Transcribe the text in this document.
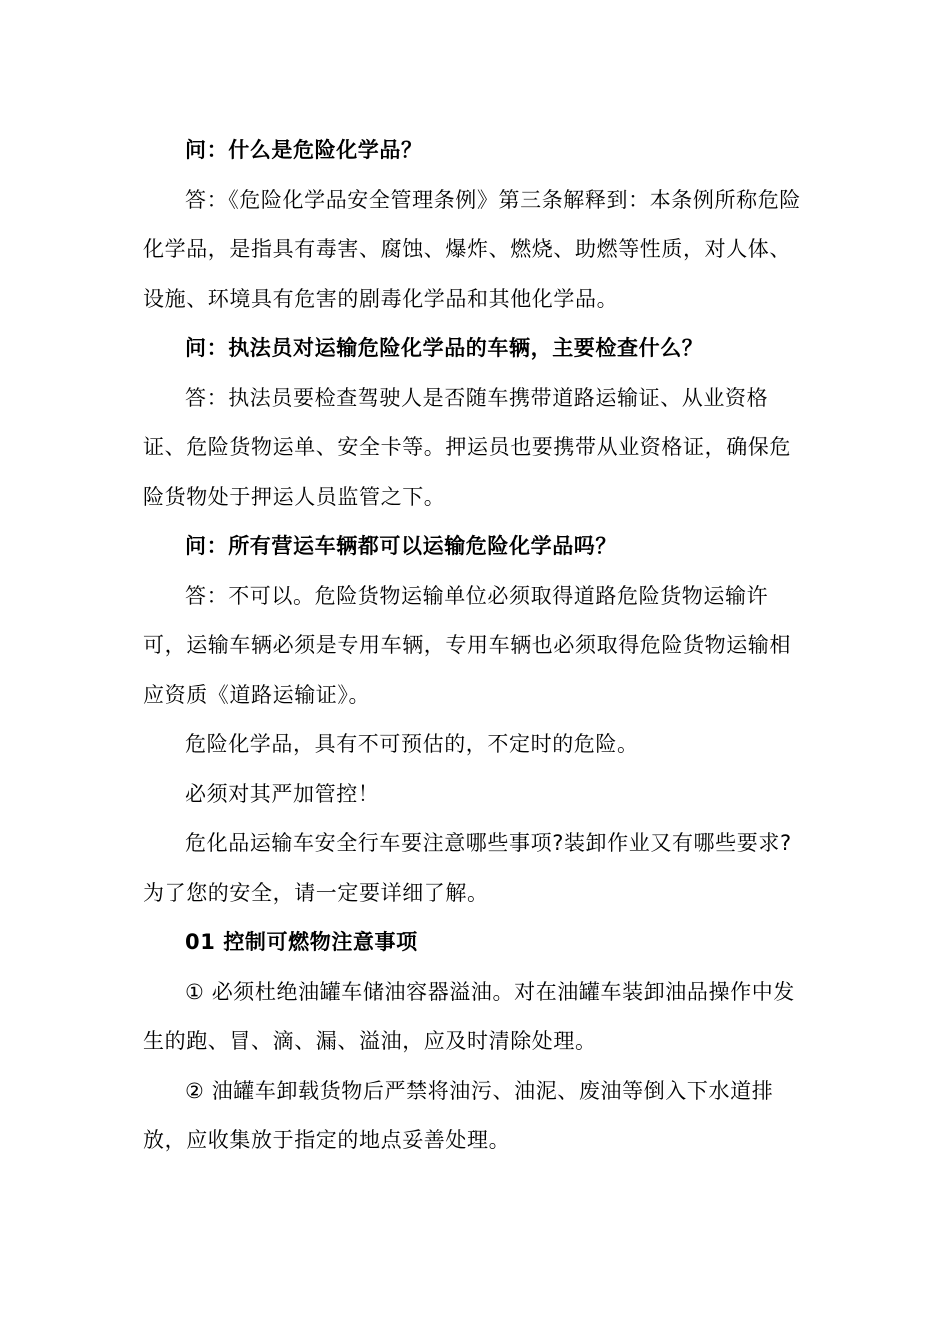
问：什么是危险化学品？

答：《危险化学品安全管理条例》第三条解释到：本条例所称危险化学品，是指具有毒害、腐蚀、爆炸、燃烧、助燃等性质，对人体、设施、环境具有危害的剧毒化学品和其他化学品。

问：执法员对运输危险化学品的车辆，主要检查什么？

答：执法员要检查驾驶人是否随车携带道路运输证、从业资格证、危险货物运单、安全卡等。押运员也要携带从业资格证，确保危险货物处于押运人员监管之下。

问：所有营运车辆都可以运输危险化学品吗？

答：不可以。危险货物运输单位必须取得道路危险货物运输许可，运输车辆必须是专用车辆，专用车辆也必须取得危险货物运输相应资质《道路运输证》。

危险化学品，具有不可预估的，不定时的危险。

必须对其严加管控！

危化品运输车安全行车要注意哪些事项?装卸作业又有哪些要求?为了您的安全，请一定要详细了解。

01 控制可燃物注意事项

① 必须杜绝油罐车储油容器溢油。对在油罐车装卸油品操作中发生的跑、冒、滴、漏、溢油，应及时清除处理。

② 油罐车卸载货物后严禁将油污、油泥、废油等倒入下水道排放，应收集放于指定的地点妥善处理。
